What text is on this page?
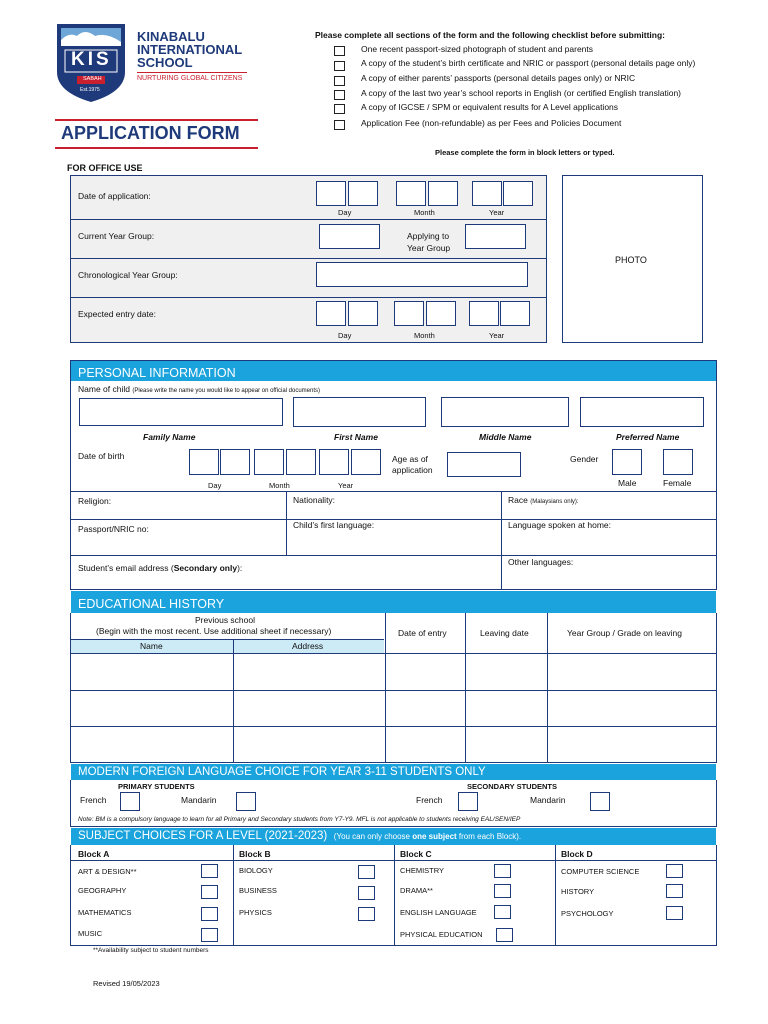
KIS
SABAH
Est.1975
KINABALU
INTERNATIONAL
SCHOOL
NURTURING GLOBAL CITIZENS
APPLICATION FORM
Please complete all sections of the form and the following checklist before submitting:
One recent passport-sized photograph of student and parents
A copy of the student’s birth certificate and NRIC or passport (personal details page only)
A copy of either parents’ passports (personal details pages only) or NRIC
A copy of the last two year’s school reports in English (or certified English translation)
A copy of IGCSE / SPM or equivalent results for A Level applications
Application Fee (non-refundable) as per Fees and Policies Document
Please complete the form in block letters or typed.
FOR OFFICE USE
Date of application:
Day	Month	Year
Current Year Group:	Applying to
Year Group
Chronological Year Group:
Expected entry date:
Day	Month	Year
PHOTO
PERSONAL INFORMATION
Name of child (Please write the name you would like to appear on official documents)
Family Name	First Name	Middle Name	Preferred Name
Date of birth
Day	Month	Year
Age as of
application
Gender
Male	Female
Religion:	Nationality:	Race (Malaysians only):
Passport/NRIC no:	Child’s first language:	Language spoken at home:
Student’s email address (Secondary only):
Other languages:
EDUCATIONAL HISTORY
Previous school
(Begin with the most recent. Use additional sheet if necessary)
Name	Address
Date of entry	Leaving date	Year Group / Grade on leaving
MODERN FOREIGN LANGUAGE CHOICE FOR YEAR 3-11 STUDENTS ONLY
PRIMARY STUDENTS	SECONDARY STUDENTS
French	Mandarin	French	Mandarin
Note: BM is a compulsory language to learn for all Primary and Secondary students from Y7-Y9. MFL is not applicable to students receiving EAL/SEN/IEP
SUBJECT CHOICES FOR A LEVEL (2021-2023) (You can only choose one subject from each Block).
Block A
ART & DESIGN**
GEOGRAPHY
MATHEMATICS
MUSIC
Block B
BIOLOGY
BUSINESS
PHYSICS
Block C
CHEMISTRY
DRAMA**
ENGLISH LANGUAGE
PHYSICAL EDUCATION
Block D
COMPUTER SCIENCE
HISTORY
PSYCHOLOGY
**Availability subject to student numbers
Revised 19/05/2023
